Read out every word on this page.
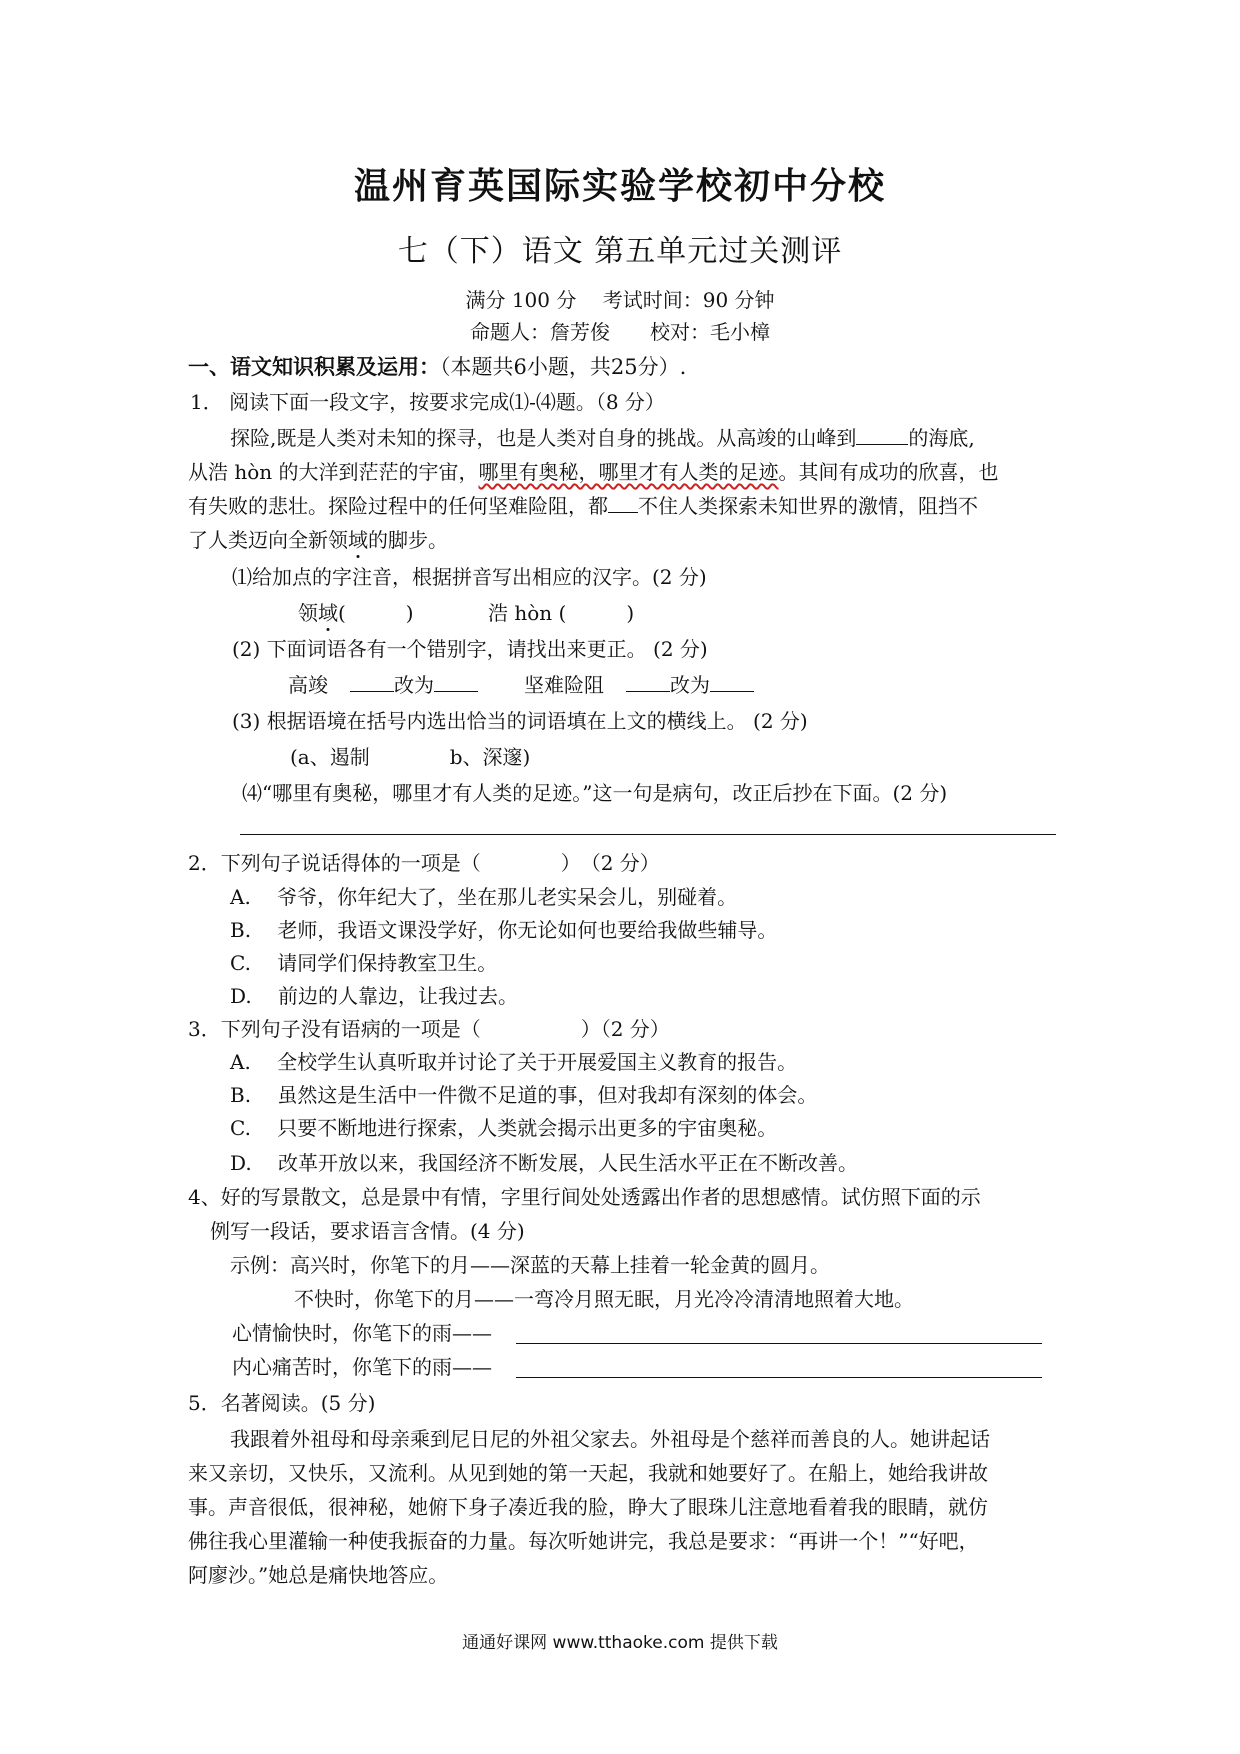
温州育英国际实验学校初中分校
七（下）语文 第五单元过关测评
满分 100 分　 考试时间：90 分钟
命题人：詹芳俊　　校对：毛小樟
一、语文知识积累及运用：（本题共6小题，共25分）.
1． 阅读下面一段文字，按要求完成⑴-⑷题。（8 分）
探险,既是人类对未知的探寻，也是人类对自身的挑战。从高竣的山峰到	的海底,
从浩 hòn 的大洋到茫茫的宇宙，哪里有奥秘，哪里才有人类的足迹。其间有成功的欣喜，也
有失败的悲壮。探险过程中的任何坚难险阻，都 不住人类探索未知世界的激情，阻挡不
了人类迈向全新领域的脚步。
⑴给加点的字注音，根据拼音写出相应的汉字。(2 分)
领域(　　　)	浩 hòn (　　　)
(2) 下面词语各有一个错别字，请找出来更正。 (2 分)
高竣	改为	坚难险阻	改为
(3) 根据语境在括号内选出恰当的词语填在上文的横线上。 (2 分)
(a、遏制　　　　b、深邃)
⑷“哪里有奥秘，哪里才有人类的足迹。”这一句是病句，改正后抄在下面。(2 分)
2．下列句子说话得体的一项是（　　　　）　（2 分）
A.　 爷爷，你年纪大了，坐在那儿老实呆会儿，别碰着。
B.　 老师，我语文课没学好，你无论如何也要给我做些辅导。
C.　 请同学们保持教室卫生。
D.　 前边的人靠边，让我过去。
3．下列句子没有语病的一项是（　　　　　）（2 分）
A.　 全校学生认真听取并讨论了关于开展爱国主义教育的报告。
B.　 虽然这是生活中一件微不足道的事，但对我却有深刻的体会。
C.　 只要不断地进行探索，人类就会揭示出更多的宇宙奥秘。
D.　 改革开放以来，我国经济不断发展，人民生活水平正在不断改善。
4、好的写景散文，总是景中有情，字里行间处处透露出作者的思想感情。试仿照下面的示
例写一段话，要求语言含情。(4 分)
示例：高兴时，你笔下的月——深蓝的天幕上挂着一轮金黄的圆月。
不快时，你笔下的月——一弯冷月照无眠，月光冷冷清清地照着大地。
心情愉快时，你笔下的雨——
内心痛苦时，你笔下的雨——
5．名著阅读。(5 分)
我跟着外祖母和母亲乘到尼日尼的外祖父家去。外祖母是个慈祥而善良的人。她讲起话
来又亲切，又快乐，又流利。从见到她的第一天起，我就和她要好了。在船上，她给我讲故
事。声音很低，很神秘，她俯下身子凑近我的脸，睁大了眼珠儿注意地看着我的眼睛，就仿
佛往我心里灌输一种使我振奋的力量。每次听她讲完，我总是要求：“再讲一个！”“好吧，
阿廖沙。”她总是痛快地答应。
通通好课网 www.tthaoke.com 提供下载
